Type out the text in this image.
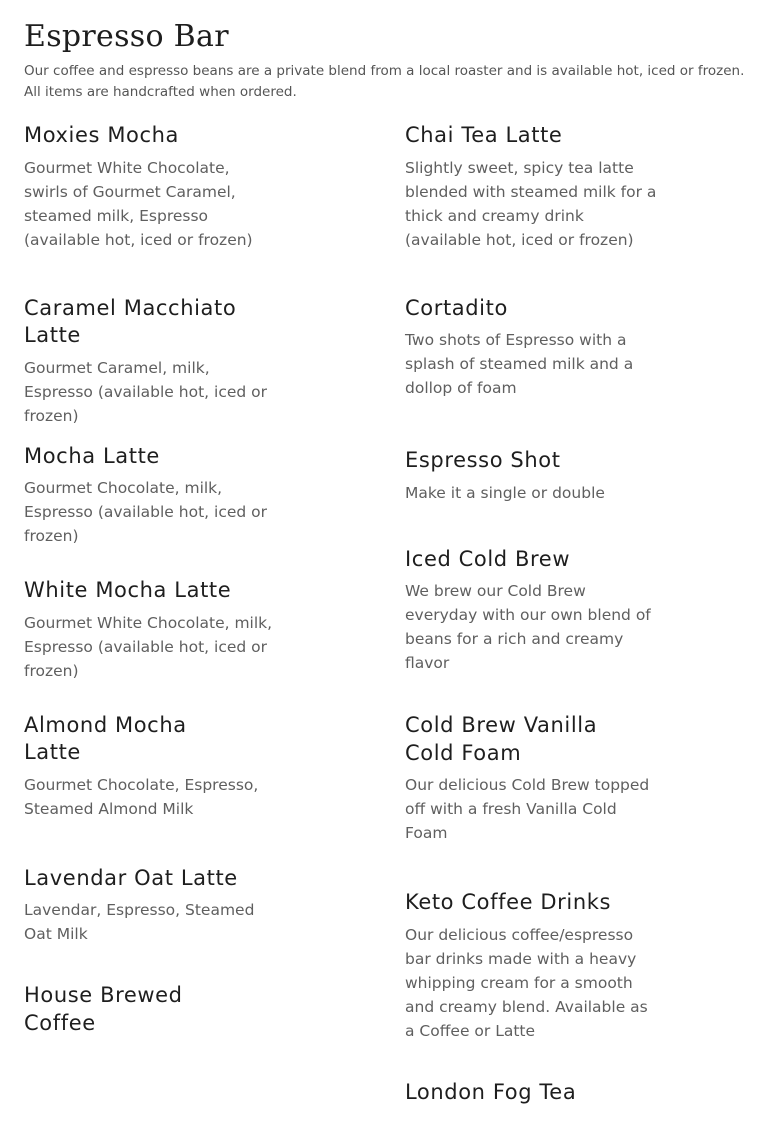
Espresso Bar

Our coffee and espresso beans are a private blend from a local roaster and is available hot, iced or frozen. All items are handcrafted when ordered.

Moxies Mocha

Gourmet White Chocolate, swirls of Gourmet Caramel, steamed milk, Espresso (available hot, iced or frozen)

Caramel Macchiato Latte

Gourmet Caramel, milk, Espresso (available hot, iced or frozen)

Mocha Latte

Gourmet Chocolate, milk, Espresso (available hot, iced or frozen)

White Mocha Latte

Gourmet White Chocolate, milk, Espresso (available hot, iced or frozen)

Almond Mocha Latte

Gourmet Chocolate, Espresso, Steamed Almond Milk

Lavendar Oat Latte

Lavendar, Espresso, Steamed Oat Milk

House Brewed Coffee
Chai Tea Latte

Slightly sweet, spicy tea latte blended with steamed milk for a thick and creamy drink (available hot, iced or frozen)

Cortadito

Two shots of Espresso with a splash of steamed milk and a dollop of foam

Espresso Shot

Make it a single or double

Iced Cold Brew

We brew our Cold Brew everyday with our own blend of beans for a rich and creamy flavor

Cold Brew Vanilla Cold Foam

Our delicious Cold Brew topped off with a fresh Vanilla Cold Foam

Keto Coffee Drinks

Our delicious coffee/espresso bar drinks made with a heavy whipping cream for a smooth and creamy blend. Available as a Coffee or Latte

London Fog Tea
